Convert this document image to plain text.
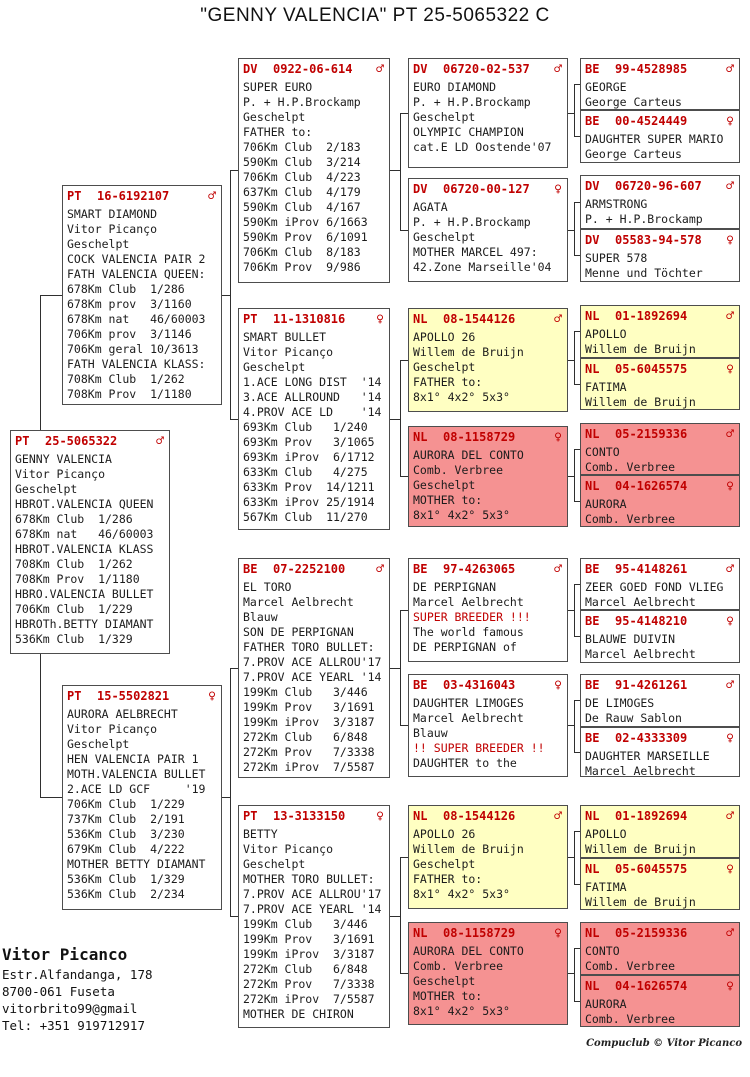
"GENNY VALENCIA" PT 25-5065322 C
Vitor Picanco
Estr.Alfandanga, 178
8700-061 Fuseta
vitorbrito99@gmail
Tel: +351 919712917
Compuclub © Vitor Picanco
PT 25-5065322	♂
GENNY VALENCIA
Vitor Picanço
Geschelpt
HBROT.VALENCIA QUEEN
678Km Club  1/286
678Km nat   46/60003
HBROT.VALENCIA KLASS
708Km Club  1/262
708Km Prov  1/1180
HBRO.VALENCIA BULLET
706Km Club  1/229
HBROTh.BETTY DIAMANT
536Km Club  1/329
PT 16-6192107	♂
SMART DIAMOND
Vitor Picanço
Geschelpt
COCK VALENCIA PAIR 2
FATH VALENCIA QUEEN:
678Km Club  1/286
678Km prov  3/1160
678Km nat   46/60003
706Km prov  3/1146
706Km geral 10/3613
FATH VALENCIA KLASS:
708Km Club  1/262
708Km Prov  1/1180
PT 15-5502821	♀
AURORA AELBRECHT
Vitor Picanço
Geschelpt
HEN VALENCIA PAIR 1
MOTH.VALENCIA BULLET
2.ACE LD GCF     '19
706Km Club  1/229
737Km Club  2/191
536Km Club  3/230
679Km Club  4/222
MOTHER BETTY DIAMANT
536Km Club  1/329
536Km Club  2/234
DV 0922-06-614 ♂
SUPER EURO
P. + H.P.Brockamp
Geschelpt
FATHER to:
706Km Club  2/183
590Km Club  3/214
706Km Club  4/223
637Km Club  4/179
590Km Club  4/167
590Km iProv 6/1663
590Km Prov  6/1091
706Km Club  8/183
706Km Prov  9/986
PT 11-1310816 ♀
SMART BULLET
Vitor Picanço
Geschelpt
1.ACE LONG DIST  '14
3.ACE ALLROUND   '14
4.PROV ACE LD    '14
693Km Club   1/240
693Km Prov   3/1065
693Km iProv  6/1712
633Km Club   4/275
633Km Prov  14/1211
633Km iProv 25/1914
567Km Club  11/270
BE 07-2252100 ♂
EL TORO
Marcel Aelbrecht
Blauw
SON DE PERPIGNAN
FATHER TORO BULLET:
7.PROV ACE ALLROU'17
7.PROV ACE YEARL '14
199Km Club   3/446
199Km Prov   3/1691
199Km iProv  3/3187
272Km Club   6/848
272Km Prov   7/3338
272Km iProv  7/5587
PT 13-3133150 ♀
BETTY
Vitor Picanço
Geschelpt
MOTHER TORO BULLET:
7.PROV ACE ALLROU'17
7.PROV ACE YEARL '14
199Km Club   3/446
199Km Prov   3/1691
199Km iProv  3/3187
272Km Club   6/848
272Km Prov   7/3338
272Km iProv  7/5587
MOTHER DE CHIRON
DV 06720-02-537 ♂
EURO DIAMOND
P. + H.P.Brockamp
Geschelpt
OLYMPIC CHAMPION
cat.E LD Oostende'07
DV 06720-00-127 ♀
AGATA
P. + H.P.Brockamp
Geschelpt
MOTHER MARCEL 497:
42.Zone Marseille'04
NL 08-1544126	♂
APOLLO 26
Willem de Bruijn
Geschelpt
FATHER to:
8x1° 4x2° 5x3°
NL 08-1158729	♀
AURORA DEL CONTO
Comb. Verbree
Geschelpt
MOTHER to:
8x1° 4x2° 5x3°
BE 97-4263065	♂
DE PERPIGNAN
Marcel Aelbrecht
SUPER BREEDER !!!
The world famous
DE PERPIGNAN of
BE 03-4316043	♀
DAUGHTER LIMOGES
Marcel Aelbrecht
Blauw
!! SUPER BREEDER !!
DAUGHTER to the
NL 08-1544126	♂
APOLLO 26
Willem de Bruijn
Geschelpt
FATHER to:
8x1° 4x2° 5x3°
NL 08-1158729	♀
AURORA DEL CONTO
Comb. Verbree
Geschelpt
MOTHER to:
8x1° 4x2° 5x3°
BE 99-4528985	♂
GEORGE
George Carteus
BE 00-4524449	♀
DAUGHTER SUPER MARIO
George Carteus
DV 06720-96-607 ♂
ARMSTRONG
P. + H.P.Brockamp
DV 05583-94-578 ♀
SUPER 578
Menne und Töchter
NL 01-1892694	♂
APOLLO
Willem de Bruijn
NL 05-6045575	♀
FATIMA
Willem de Bruijn
NL 05-2159336	♂
CONTO
Comb. Verbree
NL 04-1626574	♀
AURORA
Comb. Verbree
BE 95-4148261	♂
ZEER GOED FOND VLIEG
Marcel Aelbrecht
BE 95-4148210	♀
BLAUWE DUIVIN
Marcel Aelbrecht
BE 91-4261261	♂
DE LIMOGES
De Rauw Sablon
BE 02-4333309	♀
DAUGHTER MARSEILLE
Marcel Aelbrecht
NL 01-1892694	♂
APOLLO
Willem de Bruijn
NL 05-6045575	♀
FATIMA
Willem de Bruijn
NL 05-2159336	♂
CONTO
Comb. Verbree
NL 04-1626574	♀
AURORA
Comb. Verbree
